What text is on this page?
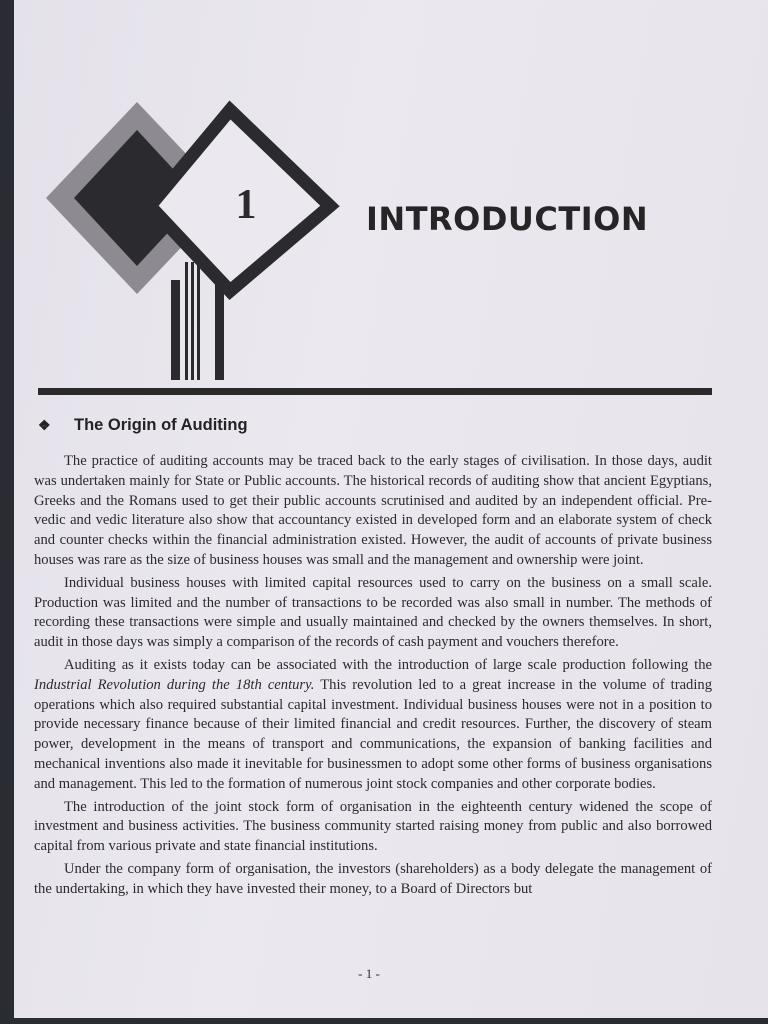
1	INTRODUCTION
❖ The Origin of Auditing

The practice of auditing accounts may be traced back to the early stages of civilisation. In those days, audit was undertaken mainly for State or Public accounts. The historical records of auditing show that ancient Egyptians, Greeks and the Romans used to get their public accounts scrutinised and audited by an independent official. Pre-vedic and vedic literature also show that accountancy existed in developed form and an elaborate system of check and counter checks within the financial administration existed. However, the audit of accounts of private business houses was rare as the size of business houses was small and the management and ownership were joint.

Individual business houses with limited capital resources used to carry on the business on a small scale. Production was limited and the number of transactions to be recorded was also small in number. The methods of recording these transactions were simple and usually maintained and checked by the owners themselves. In short, audit in those days was simply a comparison of the records of cash payment and vouchers therefore.

Auditing as it exists today can be associated with the introduction of large scale production following the Industrial Revolution during the 18th century. This revolution led to a great increase in the volume of trading operations which also required substantial capital investment. Individual business houses were not in a position to provide necessary finance because of their limited financial and credit resources. Further, the discovery of steam power, development in the means of transport and communications, the expansion of banking facilities and mechanical inventions also made it inevitable for businessmen to adopt some other forms of business organisations and management. This led to the formation of numerous joint stock companies and other corporate bodies.

The introduction of the joint stock form of organisation in the eighteenth century widened the scope of investment and business activities. The business community started raising money from public and also borrowed capital from various private and state financial institutions.

Under the company form of organisation, the investors (shareholders) as a body delegate the management of the undertaking, in which they have invested their money, to a Board of Directors but

- 1 -
